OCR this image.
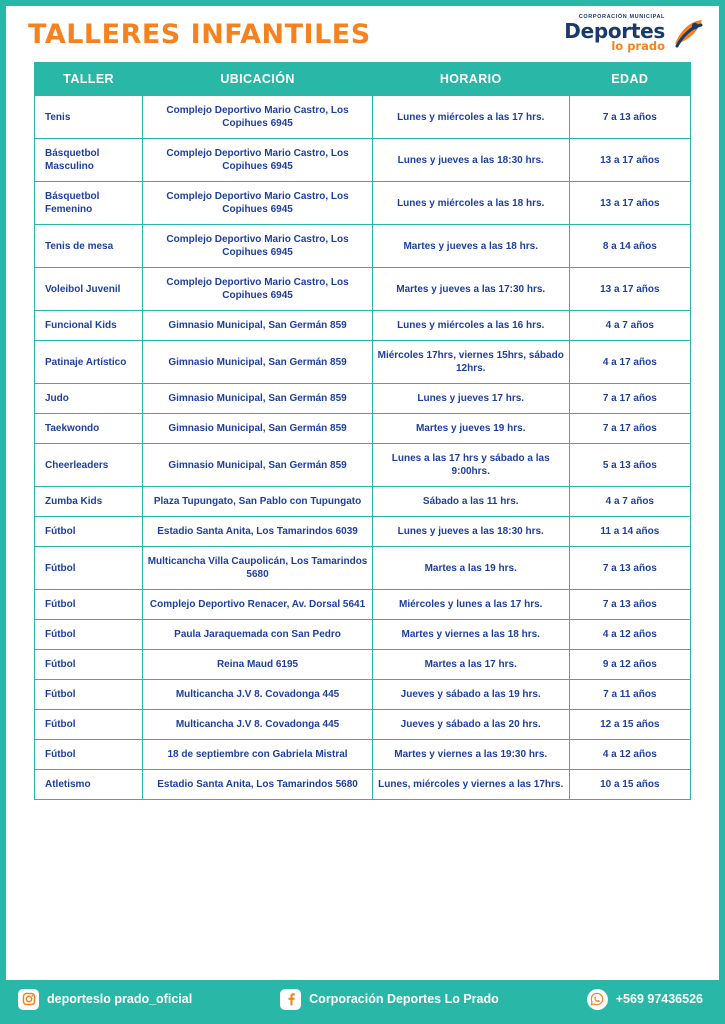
TALLERES INFANTILES
CORPORACIÓN MUNICIPAL
Deportes
lo prado
TALLER	UBICACIÓN	HORARIO	EDAD
Tenis	Complejo Deportivo Mario Castro, Los Copihues 6945	Lunes y miércoles a las 17 hrs.	7 a 13 años
Básquetbol Masculino	Complejo Deportivo Mario Castro, Los Copihues 6945	Lunes y jueves a las 18:30 hrs.	13 a 17 años
Básquetbol Femenino	Complejo Deportivo Mario Castro, Los Copihues 6945	Lunes y miércoles a las 18 hrs.	13 a 17 años
Tenis de mesa	Complejo Deportivo Mario Castro, Los Copihues 6945	Martes y jueves a las 18 hrs.	8 a 14 años
Voleibol Juvenil	Complejo Deportivo Mario Castro, Los Copihues 6945	Martes y jueves a las 17:30 hrs.	13 a 17 años
Funcional Kids	Gimnasio Municipal, San Germán 859	Lunes y miércoles a las 16 hrs.	4 a 7 años
Patinaje Artístico	Gimnasio Municipal, San Germán 859	Miércoles 17hrs, viernes 15hrs, sábado 12hrs.	4 a 17 años
Judo	Gimnasio Municipal, San Germán 859	Lunes y jueves 17 hrs.	7 a 17 años
Taekwondo	Gimnasio Municipal, San Germán 859	Martes y jueves 19 hrs.	7 a 17 años
Cheerleaders	Gimnasio Municipal, San Germán 859	Lunes a las 17 hrs y sábado a las 9:00hrs.	5 a 13 años
Zumba Kids	Plaza Tupungato, San Pablo con Tupungato	Sábado a las 11 hrs.	4 a 7 años
Fútbol	Estadio Santa Anita, Los Tamarindos 6039	Lunes y jueves a las 18:30 hrs.	11 a 14 años
Fútbol	Multicancha Villa Caupolicán, Los Tamarindos 5680	Martes a las 19 hrs.	7 a 13 años
Fútbol	Complejo Deportivo Renacer, Av. Dorsal 5641	Miércoles y lunes a las 17 hrs.	7 a 13 años
Fútbol	Paula Jaraquemada con San Pedro	Martes y viernes a las 18 hrs.	4 a 12 años
Fútbol	Reina Maud 6195	Martes a las 17 hrs.	9 a 12 años
Fútbol	Multicancha J.V 8. Covadonga 445	Jueves y sábado a las 19 hrs.	7 a 11 años
Fútbol	Multicancha J.V 8. Covadonga 445	Jueves y sábado a las 20 hrs.	12 a 15 años
Fútbol	18 de septiembre con Gabriela Mistral	Martes y viernes a las 19:30 hrs.	4 a 12 años
Atletismo	Estadio Santa Anita, Los Tamarindos 5680	Lunes, miércoles y viernes a las 17hrs.	10 a 15 años
deporteslo prado_oficial	Corporación Deportes Lo Prado	+569 97436526
